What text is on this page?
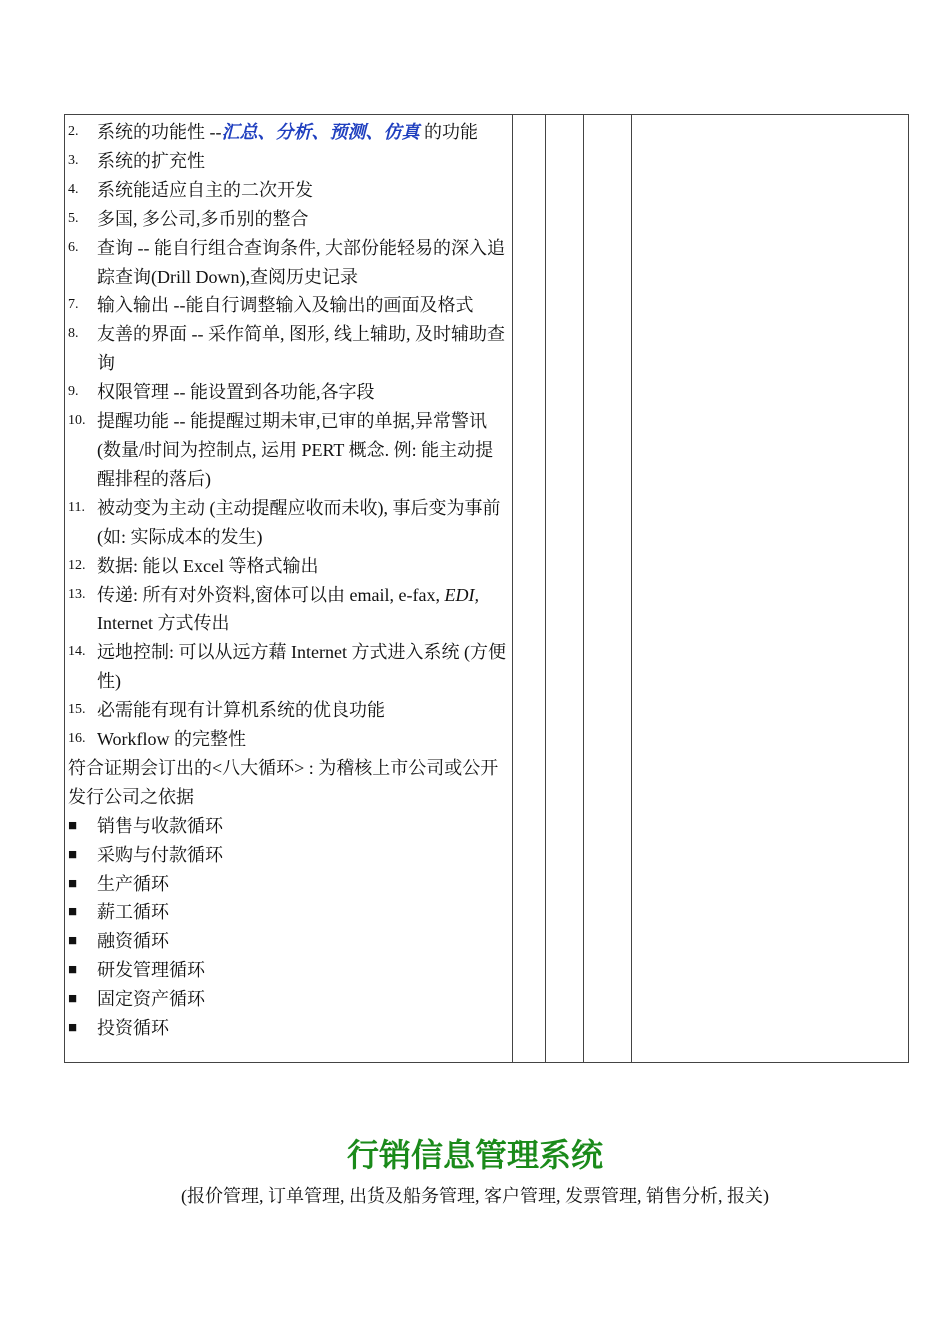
2.	系统的功能性 --汇总、分析、预测、仿真 的功能
3.	系统的扩充性
4.	系统能适应自主的二次开发
5.	多国, 多公司,多币别的整合
6.	查询 -- 能自行组合查询条件, 大部份能轻易的深入追踪查询(Drill Down),查阅历史记录
7.	输入输出 --能自行调整输入及输出的画面及格式
8.	友善的界面 -- 采作简单, 图形, 线上辅助, 及时辅助查询
9.	权限管理 -- 能设置到各功能,各字段
10. 提醒功能 -- 能提醒过期未审,已审的单据,异常警讯(数量/时间为控制点, 运用 PERT 概念. 例: 能主动提醒排程的落后)
11. 被动变为主动 (主动提醒应收而未收), 事后变为事前 (如: 实际成本的发生)
12. 数据: 能以 Excel 等格式输出
13. 传递: 所有对外资料,窗体可以由 email, e-fax, EDI, Internet 方式传出
14. 远地控制: 可以从远方藉 Internet 方式进入系统 (方便性)
15. 必需能有现有计算机系统的优良功能
16. Workflow 的完整性
符合证期会订出的<八大循环> : 为稽核上市公司或公开发行公司之依据
■	销售与收款循环
■	采购与付款循环
■	生产循环
■	薪工循环
■	融资循环
■	研发管理循环
■	固定资产循环
■	投资循环
行销信息管理系统
(报价管理, 订单管理, 出货及船务管理, 客户管理, 发票管理, 销售分析, 报关)
